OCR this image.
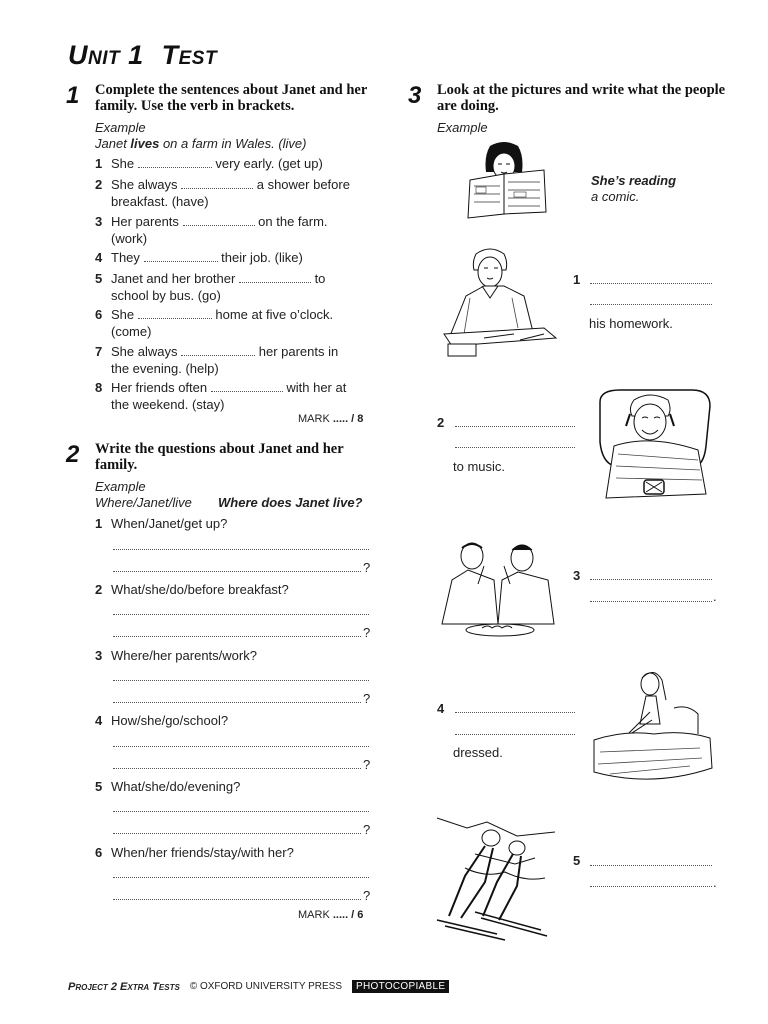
Unit 1 Test
1 Complete the sentences about Janet and her family. Use the verb in brackets.
Example
Janet lives on a farm in Wales. (live)
1 She	very early. (get up)
2 She always	a shower before
breakfast. (have)
3 Her parents	on the farm.
(work)
4 They	their job. (like)
5 Janet and her brother	to
school by bus. (go)
6 She	home at five o’clock.
(come)
7 She always	her parents in
the evening. (help)
8 Her friends often	with her at
the weekend. (stay)
MARK ..... / 8
2 Write the questions about Janet and her family.
Example
Where/Janet/live Where does Janet live?
1 When/Janet/get up?
?
2 What/she/do/before breakfast?
?
3 Where/her parents/work?
?
4 How/she/go/school?
?
5 What/she/do/evening?
?
6 When/her friends/stay/with her?
?
MARK ..... / 6
3 Look at the pictures and write what the people are doing.
Example
She’s reading
a comic.
1
his homework.
2
to music.
3
.
4
dressed.
5
.
Project 2 Extra Tests © OXFORD UNIVERSITY PRESS	PHOTOCOPIABLE
